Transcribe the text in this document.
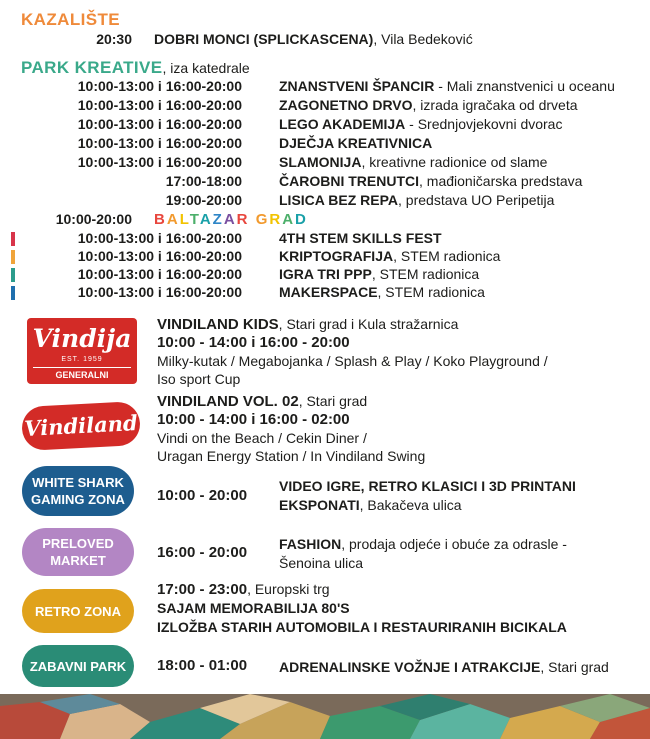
KAZALIŠTE
20:30 DOBRI MONCI (SPLICKASCENA), Vila Bedeković
PARK KREATIVE, iza katedrale
10:00-13:00 i 16:00-20:00	ZNANSTVENI ŠPANCIR - Mali znanstvenici u oceanu
10:00-13:00 i 16:00-20:00	ZAGONETNO DRVO, izrada igračaka od drveta
10:00-13:00 i 16:00-20:00	LEGO AKADEMIJA - Srednjovjekovni dvorac
10:00-13:00 i 16:00-20:00	DJEČJA KREATIVNICA
10:00-13:00 i 16:00-20:00	SLAMONIJA, kreativne radionice od slame
17:00-18:00	ČAROBNI TRENUTCI, mađioničarska predstava
19:00-20:00	LISICA BEZ REPA, predstava UO Peripetija
10:00-20:00 BALTAZAR GRAD
10:00-13:00 i 16:00-20:00	4TH STEM SKILLS FEST
10:00-13:00 i 16:00-20:00	KRIPTOGRAFIJA, STEM radionica
10:00-13:00 i 16:00-20:00	IGRA TRI PPP, STEM radionica
10:00-13:00 i 16:00-20:00	MAKERSPACE, STEM radionica
Vindija
EST. 1959
GENERALNI SPONZOR
VINDILAND KIDS, Stari grad i Kula stražarnica
10:00 - 14:00 i 16:00 - 20:00
Milky-kutak / Megabojanka / Splash & Play / Koko Playground /
Iso sport Cup
Vindiland
VINDILAND VOL. 02, Stari grad
10:00 - 14:00 i 16:00 - 02:00
Vindi on the Beach / Cekin Diner /
Uragan Energy Station / In Vindiland Swing
WHITE SHARK
GAMING ZONA 10:00 - 20:00
VIDEO IGRE, RETRO KLASICI I 3D PRINTANI
EKSPONATI, Bakačeva ulica
PRELOVED
MARKET	16:00 - 20:00 FASHION, prodaja odjeće i obuće za odrasle -
Šenoina ulica
RETRO ZONA
17:00 - 23:00, Europski trg
SAJAM MEMORABILIJA 80'S
IZLOŽBA STARIH AUTOMOBILA I RESTAURIRANIH BICIKALA
ZABAVNI PARK 18:00 - 01:00 ADRENALINSKE VOŽNJE I ATRAKCIJE, Stari grad
